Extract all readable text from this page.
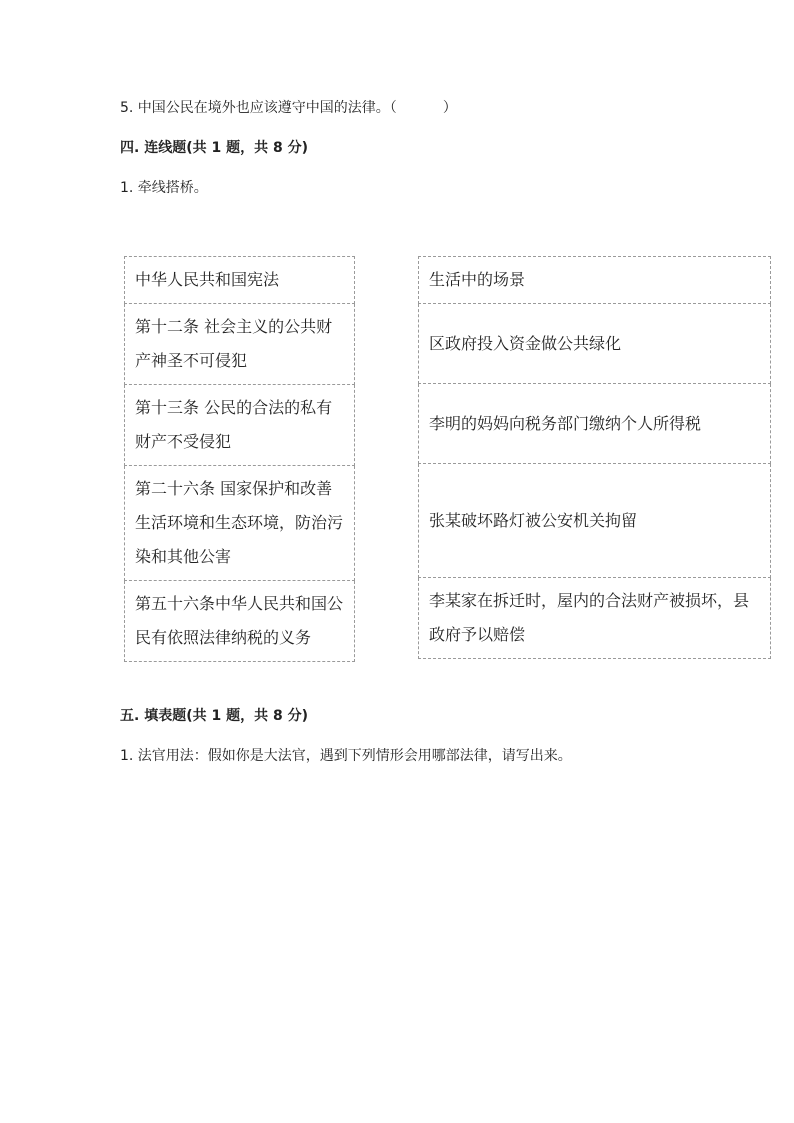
5. 中国公民在境外也应该遵守中国的法律。（	）
四. 连线题(共 1 题，共 8 分)
1. 牵线搭桥。
中华人民共和国宪法
第十二条 社会主义的公共财产神圣不可侵犯
第十三条 公民的合法的私有财产不受侵犯
第二十六条 国家保护和改善生活环境和生态环境，防治污染和其他公害
第五十六条中华人民共和国公民有依照法律纳税的义务
生活中的场景
区政府投入资金做公共绿化
李明的妈妈向税务部门缴纳个人所得税
张某破坏路灯被公安机关拘留
李某家在拆迁时，屋内的合法财产被损坏，县政府予以赔偿
五. 填表题(共 1 题，共 8 分)
1. 法官用法：假如你是大法官，遇到下列情形会用哪部法律，请写出来。
